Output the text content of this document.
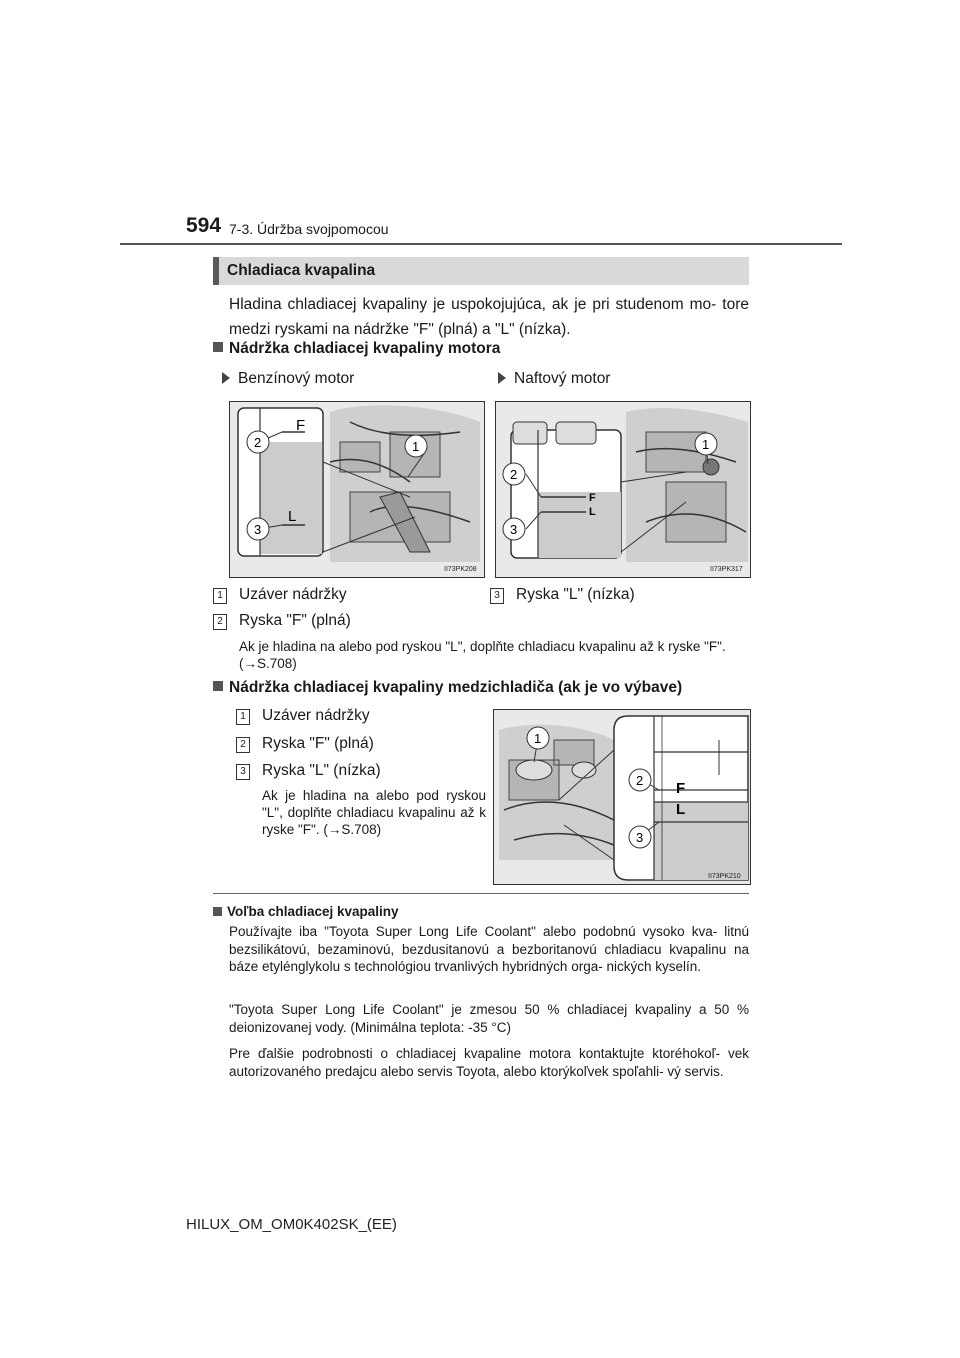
594 7-3. Údržba svojpomocou
Chladiaca kvapalina
Hladina chladiacej kvapaliny je uspokojujúca, ak je pri studenom mo- tore medzi ryskami na nádržke "F" (plná) a "L" (nízka).
Nádržka chladiacej kvapaliny motora
Benzínový motor	Naftový motor
F
L
1
2
3
II73PK208
F
L
1
2
3
II73PK317
1 Uzáver nádržky
2 Ryska "F" (plná)
3 Ryska "L" (nízka)
Ak je hladina na alebo pod ryskou "L", doplňte chladiacu kvapalinu až k ryske "F". (→S.708)
Nádržka chladiacej kvapaliny medzichladiča (ak je vo výbave)
1 Uzáver nádržky
2 Ryska "F" (plná)
3 Ryska "L" (nízka)
Ak je hladina na alebo pod ryskou "L", doplňte chladiacu kvapalinu až k ryske "F". (→S.708)
F
L
1
2
3
II73PK210
Voľba chladiacej kvapaliny
Používajte iba "Toyota Super Long Life Coolant" alebo podobnú vysoko kva- litnú bezsilikátovú, bezaminovú, bezdusitanovú a bezboritanovú chladiacu kvapalinu na báze etylénglykolu s technológiou trvanlivých hybridných orga- nických kyselín.
"Toyota Super Long Life Coolant" je zmesou 50 % chladiacej kvapaliny a 50 % deionizovanej vody. (Minimálna teplota: -35 °C)
Pre ďalšie podrobnosti o chladiacej kvapaline motora kontaktujte ktoréhokoľ- vek autorizovaného predajcu alebo servis Toyota, alebo ktorýkoľvek spoľahli- vý servis.
HILUX_OM_OM0K402SK_(EE)
